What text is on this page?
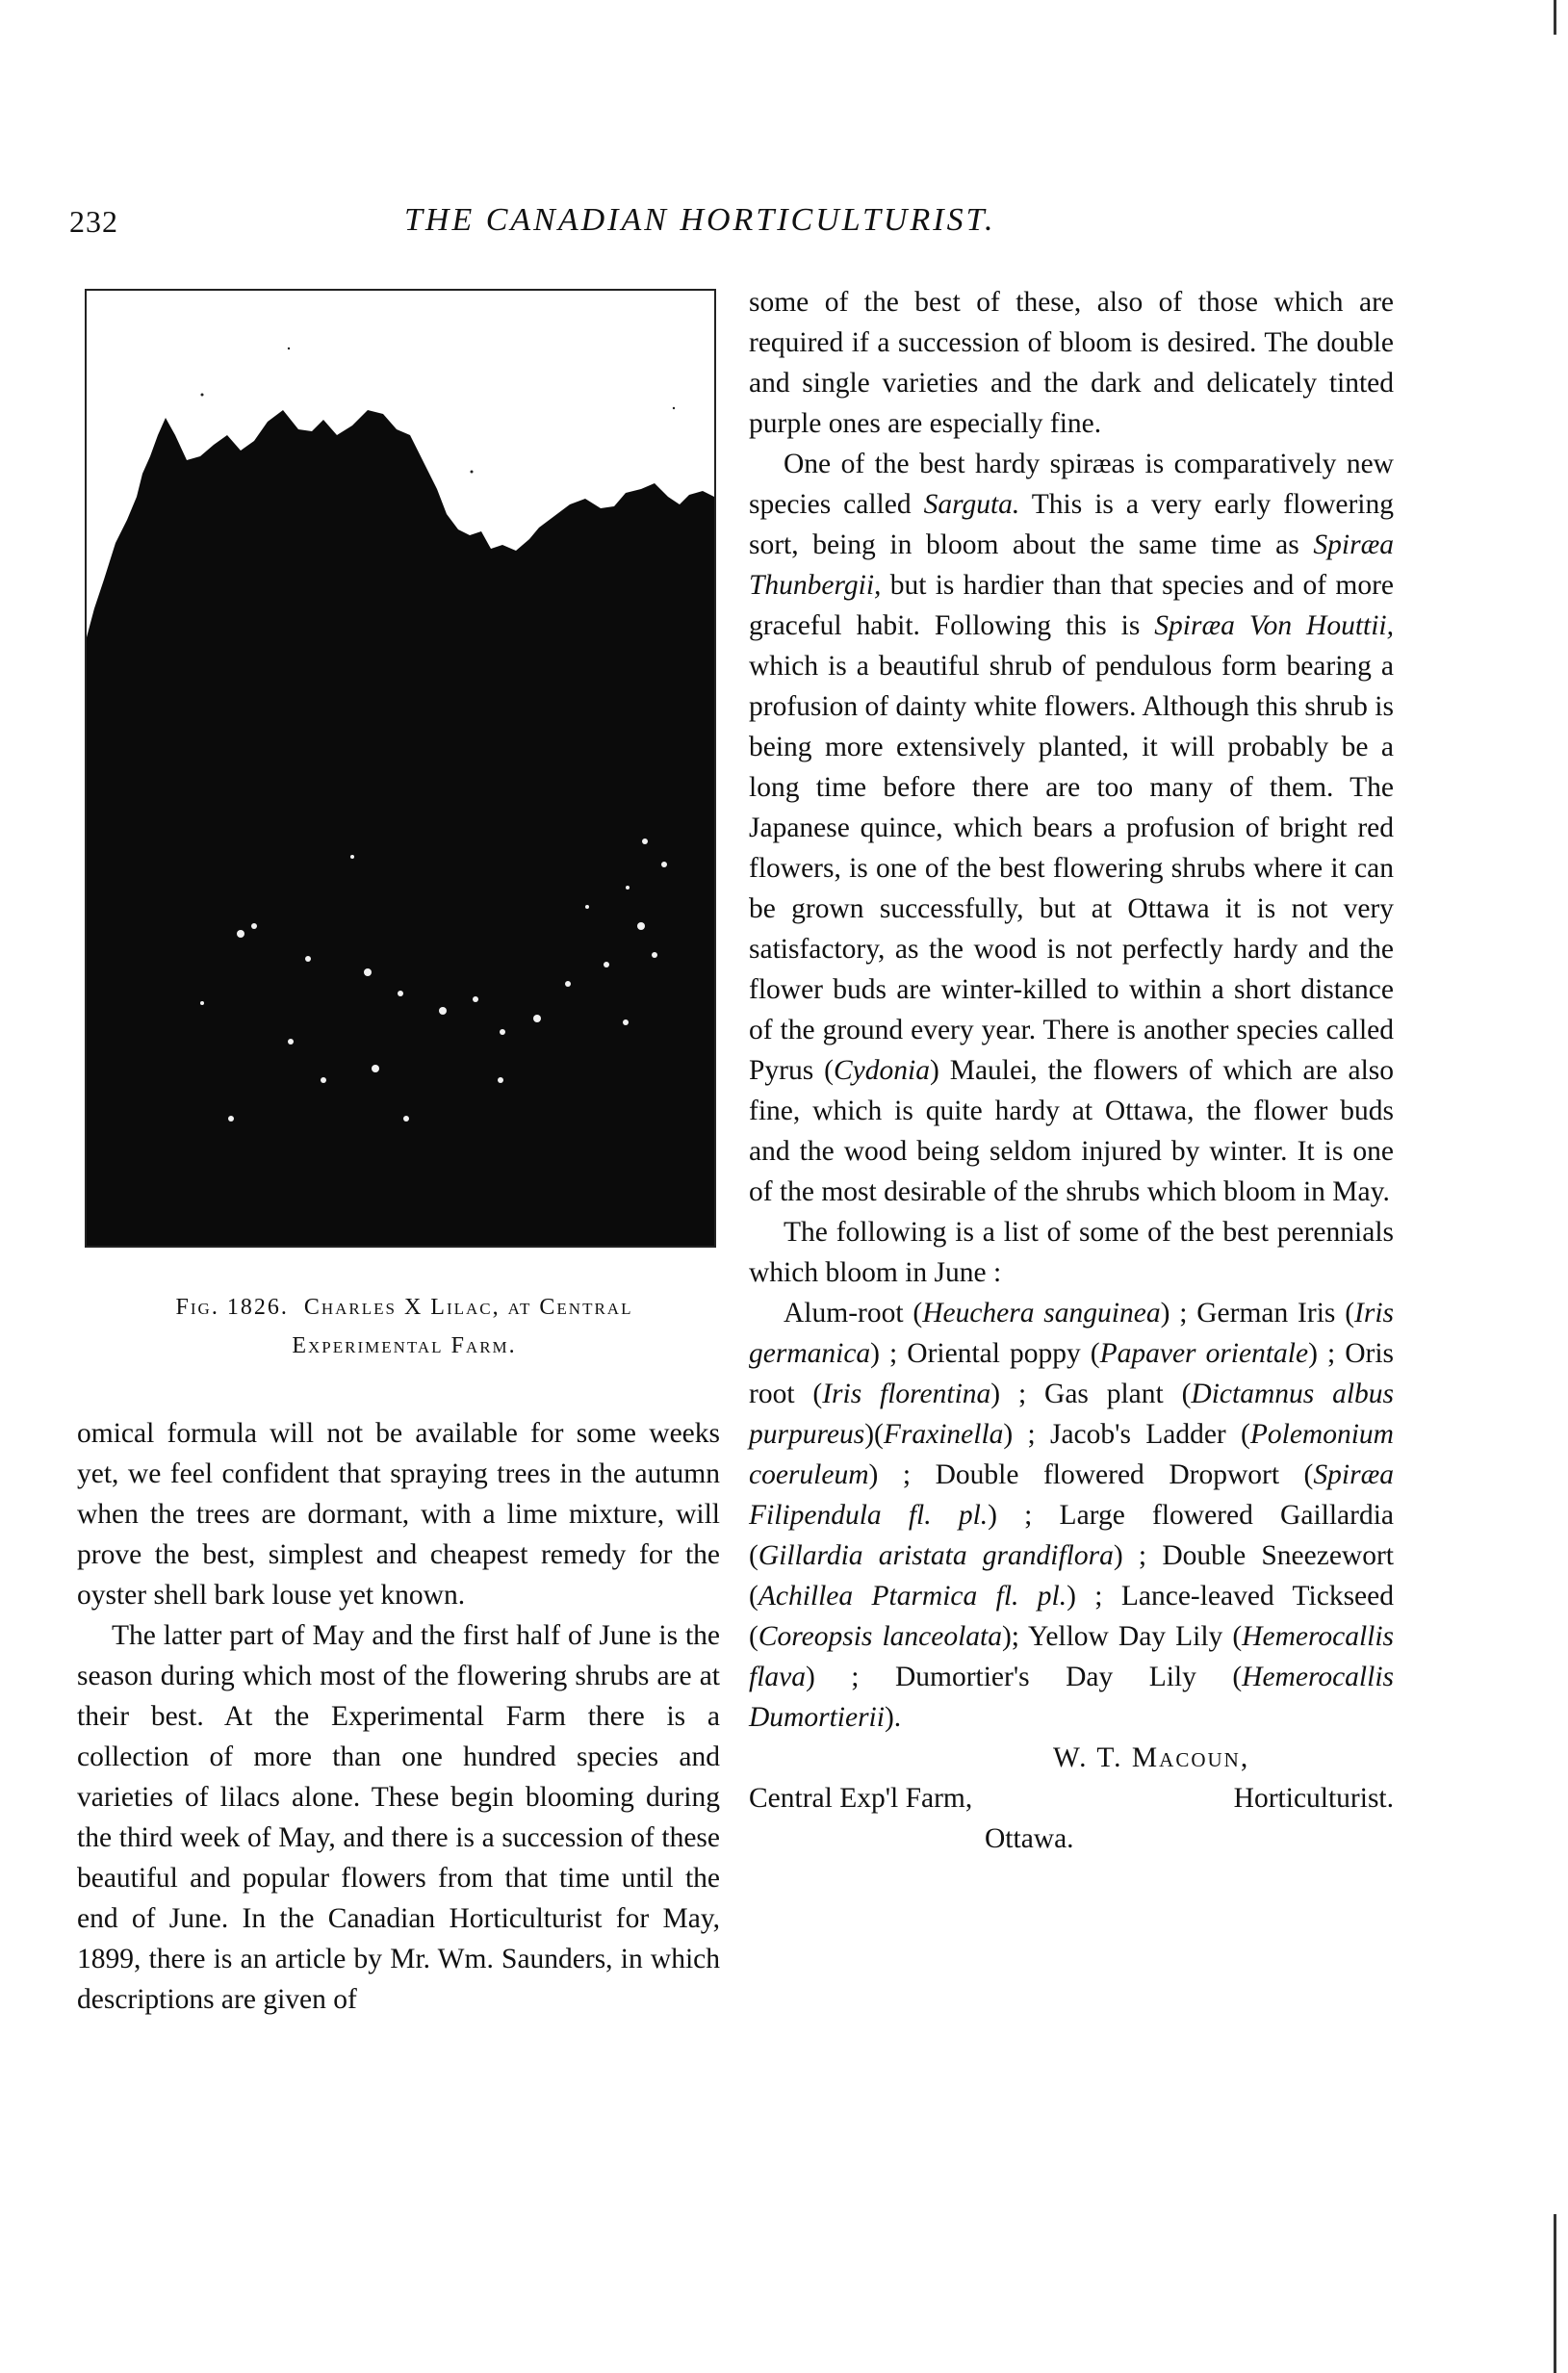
232	THE CANADIAN HORTICULTURIST.
Fig. 1826. Charles X Lilac, at Central
Experimental Farm.

omical formula will not be available for some weeks yet, we feel confident that spraying trees in the autumn when the trees are dormant, with a lime mixture, will prove the best, simplest and cheapest remedy for the oyster shell bark louse yet known.

The latter part of May and the first half of June is the season during which most of the flowering shrubs are at their best. At the Experimental Farm there is a collection of more than one hundred species and varieties of lilacs alone. These begin blooming during the third week of May, and there is a succession of these beautiful and popular flowers from that time until the end of June. In the Canadian Horticulturist for May, 1899, there is an article by Mr. Wm. Saunders, in which descriptions are given of

some of the best of these, also of those which are required if a succession of bloom is desired. The double and single varieties and the dark and delicately tinted purple ones are especially fine.

One of the best hardy spiræas is comparatively new species called Sarguta. This is a very early flowering sort, being in bloom about the same time as Spiræa Thunbergii, but is hardier than that species and of more graceful habit. Following this is Spiræa Von Houttii, which is a beautiful shrub of pendulous form bearing a profusion of dainty white flowers. Although this shrub is being more extensively planted, it will probably be a long time before there are too many of them. The Japanese quince, which bears a profusion of bright red flowers, is one of the best flowering shrubs where it can be grown successfully, but at Ottawa it is not very satisfactory, as the wood is not perfectly hardy and the flower buds are winter-killed to within a short distance of the ground every year. There is another species called Pyrus (Cydonia) Maulei, the flowers of which are also fine, which is quite hardy at Ottawa, the flower buds and the wood being seldom injured by winter. It is one of the most desirable of the shrubs which bloom in May.

The following is a list of some of the best perennials which bloom in June :

Alum-root (Heuchera sanguinea) ; German Iris (Iris germanica) ; Oriental poppy (Papaver orientale) ; Oris root (Iris florentina) ; Gas plant (Dictamnus albus purpureus)(Fraxinella) ; Jacob's Ladder (Polemonium coeruleum) ; Double flowered Dropwort (Spiræa Filipendula fl. pl.) ; Large flowered Gaillardia (Gillardia aristata grandiflora) ; Double Sneezewort (Achillea Ptarmica fl. pl.) ; Lance-leaved Tickseed (Coreopsis lanceolata); Yellow Day Lily (Hemerocallis flava) ; Dumortier's Day Lily (Hemerocallis Dumortierii).

W. T. Macoun,

Central Exp'l Farm,	Horticulturist.

Ottawa.
